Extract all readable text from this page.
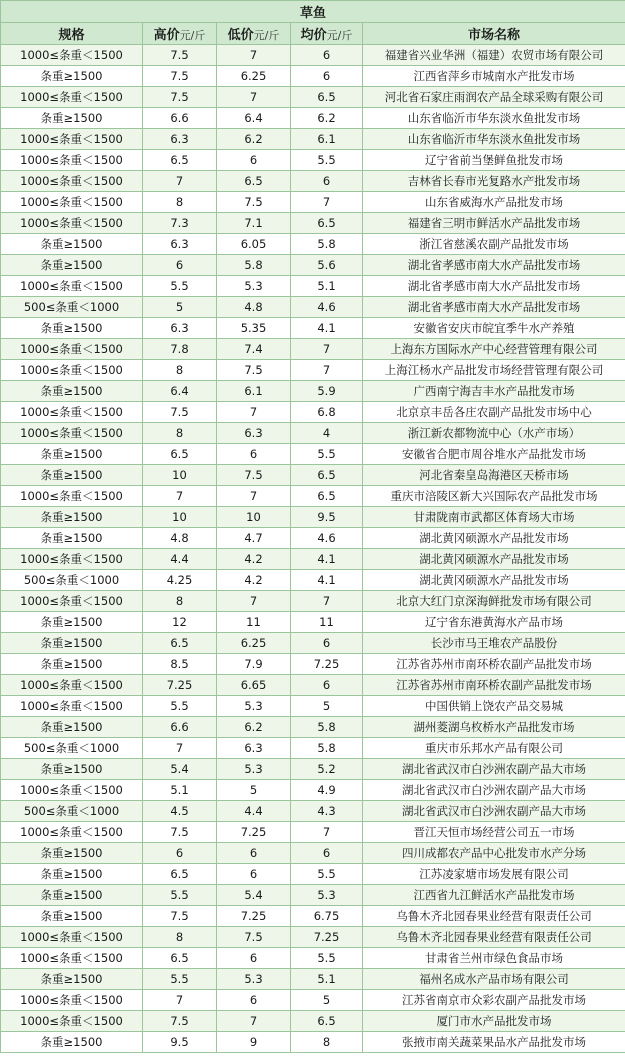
草鱼				
规格	高价元/斤	低价元/斤	均价元/斤	市场名称
1000≤条重＜1500	7.5	7	6	福建省兴业华洲（福建）农贸市场有限公司
条重≥1500	7.5	6.25	6	江西省萍乡市城南水产批发市场
1000≤条重＜1500	7.5	7	6.5	河北省石家庄雨润农产品全球采购有限公司
条重≥1500	6.6	6.4	6.2	山东省临沂市华东淡水鱼批发市场
1000≤条重＜1500	6.3	6.2	6.1	山东省临沂市华东淡水鱼批发市场
1000≤条重＜1500	6.5	6	5.5	辽宁省前当堡鲜鱼批发市场
1000≤条重＜1500	7	6.5	6	吉林省长春市光复路水产批发市场
1000≤条重＜1500	8	7.5	7	山东省威海水产品批发市场
1000≤条重＜1500	7.3	7.1	6.5	福建省三明市鲜活水产品批发市场
条重≥1500	6.3	6.05	5.8	浙江省慈溪农副产品批发市场
条重≥1500	6	5.8	5.6	湖北省孝感市南大水产品批发市场
1000≤条重＜1500	5.5	5.3	5.1	湖北省孝感市南大水产品批发市场
500≤条重＜1000	5	4.8	4.6	湖北省孝感市南大水产品批发市场
条重≥1500	6.3	5.35	4.1	安徽省安庆市皖宜季牛水产养殖
1000≤条重＜1500	7.8	7.4	7	上海东方国际水产中心经营管理有限公司
1000≤条重＜1500	8	7.5	7	上海江杨水产品批发市场经营管理有限公司
条重≥1500	6.4	6.1	5.9	广西南宁海吉丰水产品批发市场
1000≤条重＜1500	7.5	7	6.8	北京京丰岳各庄农副产品批发市场中心
1000≤条重＜1500	8	6.3	4	浙江新农都物流中心（水产市场）
条重≥1500	6.5	6	5.5	安徽省合肥市周谷堆水产品批发市场
条重≥1500	10	7.5	6.5	河北省秦皇岛海港区天桥市场
1000≤条重＜1500	7	7	6.5	重庆市涪陵区新大兴国际农产品批发市场
条重≥1500	10	10	9.5	甘肃陇南市武都区体育场大市场
条重≥1500	4.8	4.7	4.6	湖北黄冈硕源水产品批发市场
1000≤条重＜1500	4.4	4.2	4.1	湖北黄冈硕源水产品批发市场
500≤条重＜1000	4.25	4.2	4.1	湖北黄冈硕源水产品批发市场
1000≤条重＜1500	8	7	7	北京大红门京深海鲜批发市场有限公司
条重≥1500	12	11	11	辽宁省东港黄海水产品市场
条重≥1500	6.5	6.25	6	长沙市马王堆农产品股份
条重≥1500	8.5	7.9	7.25	江苏省苏州市南环桥农副产品批发市场
1000≤条重＜1500	7.25	6.65	6	江苏省苏州市南环桥农副产品批发市场
1000≤条重＜1500	5.5	5.3	5	中国供销上饶农产品交易城
条重≥1500	6.6	6.2	5.8	湖州菱湖乌枚桥水产品批发市场
500≤条重＜1000	7	6.3	5.8	重庆市乐邦水产品有限公司
条重≥1500	5.4	5.3	5.2	湖北省武汉市白沙洲农副产品大市场
1000≤条重＜1500	5.1	5	4.9	湖北省武汉市白沙洲农副产品大市场
500≤条重＜1000	4.5	4.4	4.3	湖北省武汉市白沙洲农副产品大市场
1000≤条重＜1500	7.5	7.25	7	晋江天恒市场经营公司五一市场
条重≥1500	6	6	6	四川成都农产品中心批发市水产分场
条重≥1500	6.5	6	5.5	江苏凌家塘市场发展有限公司
条重≥1500	5.5	5.4	5.3	江西省九江鲜活水产品批发市场
条重≥1500	7.5	7.25	6.75	乌鲁木齐北园春果业经营有限责任公司
1000≤条重＜1500	8	7.5	7.25	乌鲁木齐北园春果业经营有限责任公司
1000≤条重＜1500	6.5	6	5.5	甘肃省兰州市绿色食品市场
条重≥1500	5.5	5.3	5.1	福州名成水产品市场有限公司
1000≤条重＜1500	7	6	5	江苏省南京市众彩农副产品批发市场
1000≤条重＜1500	7.5	7	6.5	厦门市水产品批发市场
条重≥1500	9.5	9	8	张掖市南关蔬菜果品水产品批发市场
